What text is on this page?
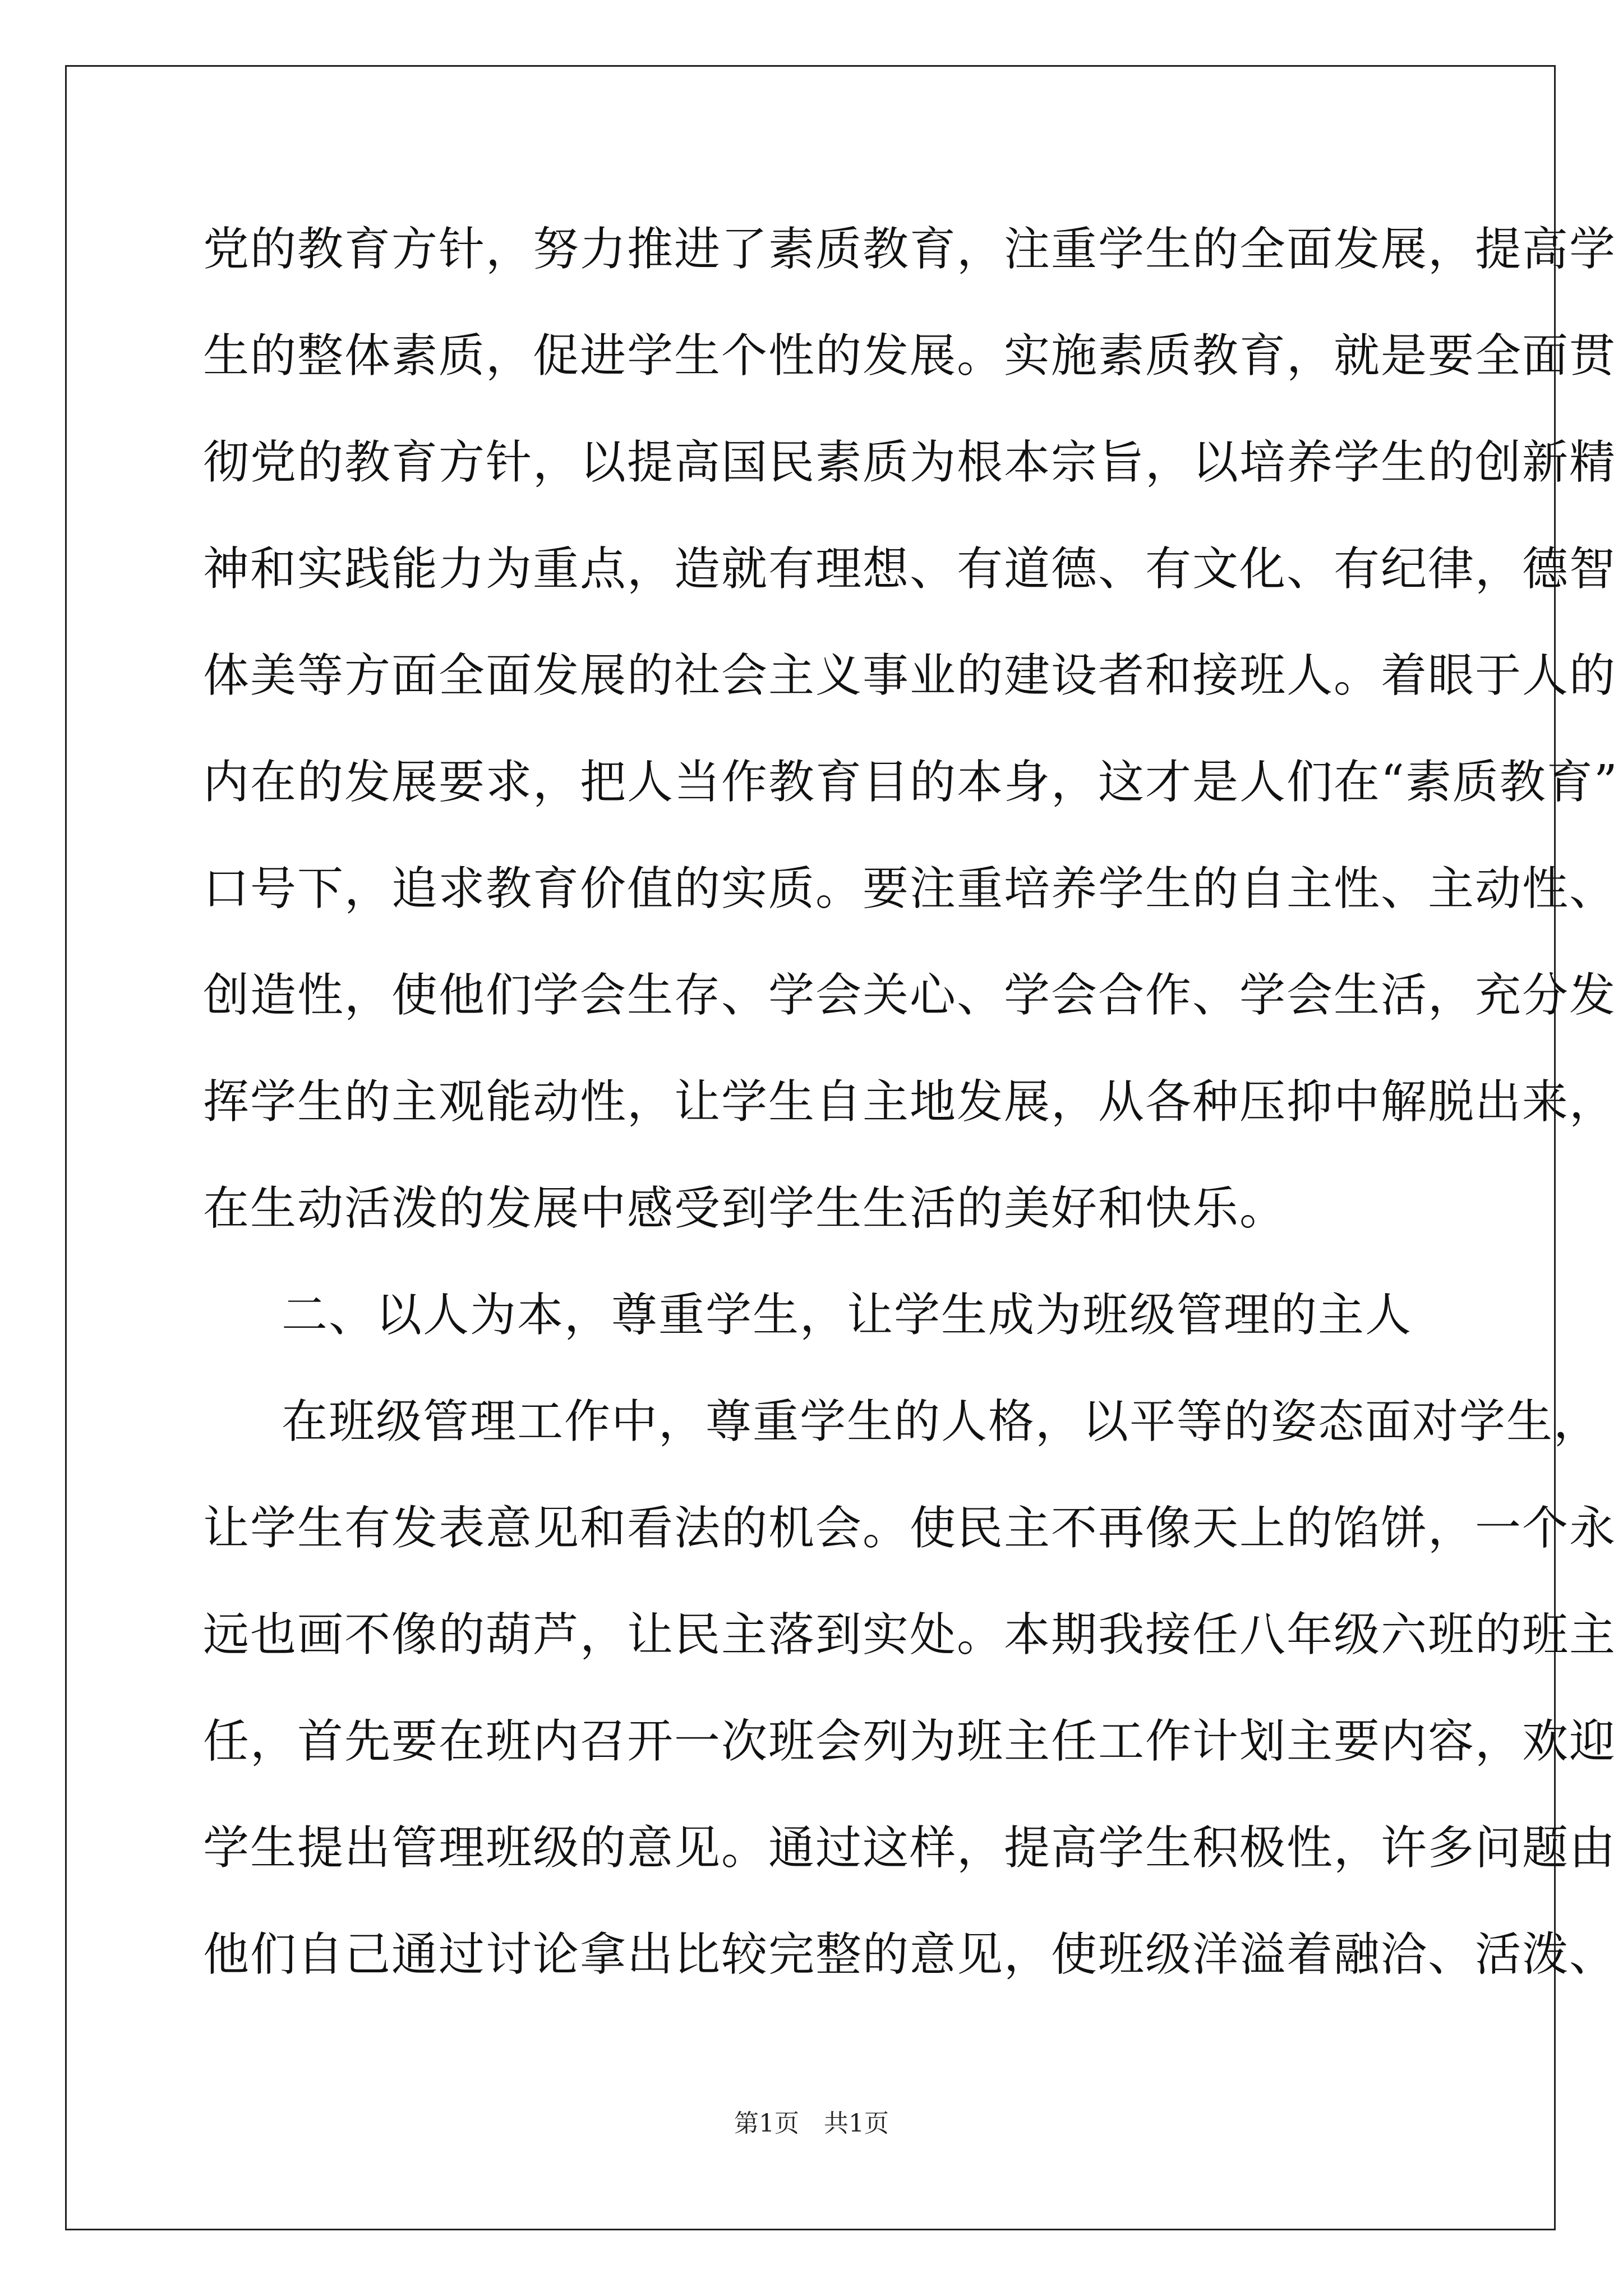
党的教育方针，努力推进了素质教育，注重学生的全面发展，提高学
生的整体素质，促进学生个性的发展。实施素质教育，就是要全面贯
彻党的教育方针，以提高国民素质为根本宗旨，以培养学生的创新精
神和实践能力为重点，造就有理想、有道德、有文化、有纪律，德智
体美等方面全面发展的社会主义事业的建设者和接班人。着眼于人的
内在的发展要求，把人当作教育目的本身，这才是人们在“素质教育”
口号下，追求教育价值的实质。要注重培养学生的自主性、主动性、
创造性，使他们学会生存、学会关心、学会合作、学会生活，充分发
挥学生的主观能动性，让学生自主地发展，从各种压抑中解脱出来，
在生动活泼的发展中感受到学生生活的美好和快乐。
二、以人为本，尊重学生，让学生成为班级管理的主人
在班级管理工作中，尊重学生的人格，以平等的姿态面对学生，
让学生有发表意见和看法的机会。使民主不再像天上的馅饼，一个永
远也画不像的葫芦，让民主落到实处。本期我接任八年级六班的班主
任，首先要在班内召开一次班会列为班主任工作计划主要内容，欢迎
学生提出管理班级的意见。通过这样，提高学生积极性，许多问题由
他们自己通过讨论拿出比较完整的意见，使班级洋溢着融洽、活泼、
第1页　共1页
